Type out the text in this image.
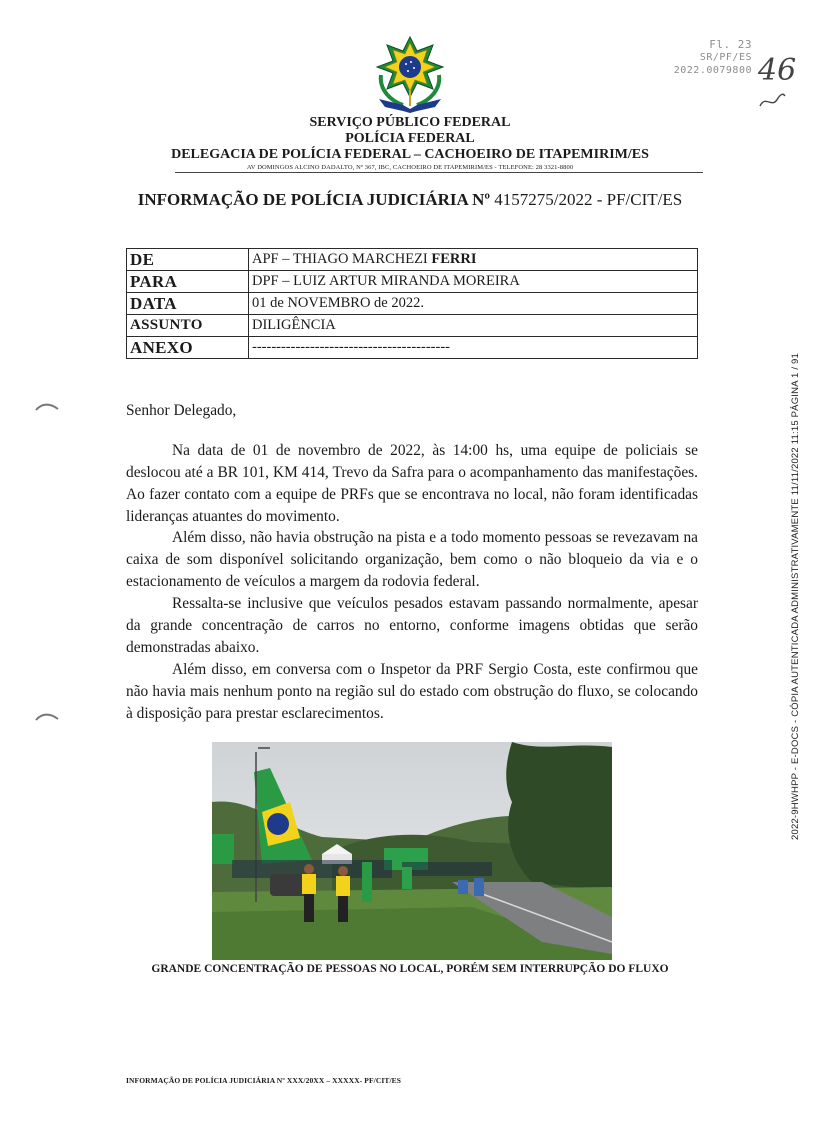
Fl. 23
SR/PF/ES
2022.0079800 46
SERVIÇO PÚBLICO FEDERAL
POLÍCIA FEDERAL
DELEGACIA DE POLÍCIA FEDERAL – CACHOEIRO DE ITAPEMIRIM/ES
AV DOMINGOS ALCINO DADALTO, Nº 367, IBC, CACHOEIRO DE ITAPEMIRIM/ES - TELEFONE: 28 3321-8800
INFORMAÇÃO DE POLÍCIA JUDICIÁRIA Nº 4157275/2022 - PF/CIT/ES
DE	APF – THIAGO MARCHEZI FERRI
PARA	DPF – LUIZ ARTUR MIRANDA MOREIRA
DATA	01 de NOVEMBRO de 2022.
ASSUNTO	DILIGÊNCIA
ANEXO	-----------------------------------------
Senhor Delegado,
Na data de 01 de novembro de 2022, às 14:00 hs, uma equipe de policiais se deslocou até a BR 101, KM 414, Trevo da Safra para o acompanhamento das manifestações. Ao fazer contato com a equipe de PRFs que se encontrava no local, não foram identificadas lideranças atuantes do movimento.
Além disso, não havia obstrução na pista e a todo momento pessoas se revezavam na caixa de som disponível solicitando organização, bem como o não bloqueio da via e o estacionamento de veículos a margem da rodovia federal.
Ressalta-se inclusive que veículos pesados estavam passando normalmente, apesar da grande concentração de carros no entorno, conforme imagens obtidas que serão demonstradas abaixo.
Além disso, em conversa com o Inspetor da PRF Sergio Costa, este confirmou que não havia mais nenhum ponto na região sul do estado com obstrução do fluxo, se colocando à disposição para prestar esclarecimentos.
GRANDE CONCENTRAÇÃO DE PESSOAS NO LOCAL, PORÉM SEM INTERRUPÇÃO DO FLUXO
INFORMAÇÃO DE POLÍCIA JUDICIÁRIA Nº XXX/20XX – XXXXX- PF/CIT/ES
2022-9HWHPP - E-DOCS - CÓPIA AUTENTICADA ADMINISTRATIVAMENTE 11/11/2022 11:15 PÁGINA 1 / 91
